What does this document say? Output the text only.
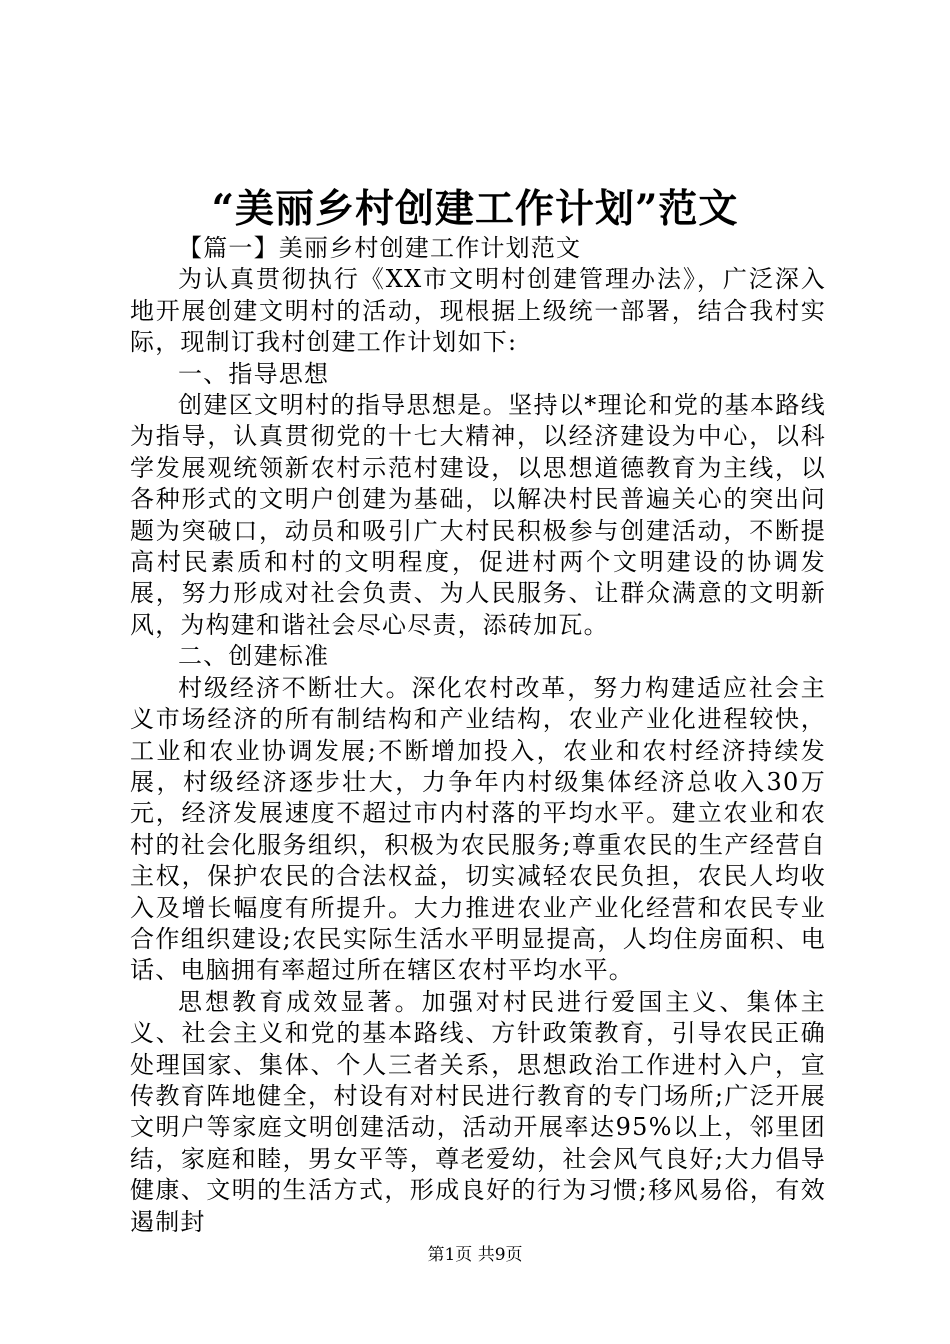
“美丽乡村创建工作计划”范文

【篇一】美丽乡村创建工作计划范文

为认真贯彻执行《XX市文明村创建管理办法》，广泛深入地开展创建文明村的活动，现根据上级统一部署，结合我村实际，现制订我村创建工作计划如下:

一、指导思想

创建区文明村的指导思想是。坚持以*理论和党的基本路线为指导，认真贯彻党的十七大精神，以经济建设为中心，以科学发展观统领新农村示范村建设，以思想道德教育为主线，以各种形式的文明户创建为基础，以解决村民普遍关心的突出问题为突破口，动员和吸引广大村民积极参与创建活动，不断提高村民素质和村的文明程度，促进村两个文明建设的协调发展，努力形成对社会负责、为人民服务、让群众满意的文明新风，为构建和谐社会尽心尽责，添砖加瓦。

二、创建标准

村级经济不断壮大。深化农村改革，努力构建适应社会主义市场经济的所有制结构和产业结构，农业产业化进程较快，工业和农业协调发展;不断增加投入，农业和农村经济持续发展，村级经济逐步壮大，力争年内村级集体经济总收入30万元，经济发展速度不超过市内村落的平均水平。建立农业和农村的社会化服务组织，积极为农民服务;尊重农民的生产经营自主权，保护农民的合法权益，切实减轻农民负担，农民人均收入及增长幅度有所提升。大力推进农业产业化经营和农民专业合作组织建设;农民实际生活水平明显提高，人均住房面积、电话、电脑拥有率超过所在辖区农村平均水平。

思想教育成效显著。加强对村民进行爱国主义、集体主义、社会主义和党的基本路线、方针政策教育，引导农民正确处理国家、集体、个人三者关系，思想政治工作进村入户，宣传教育阵地健全，村设有对村民进行教育的专门场所;广泛开展文明户等家庭文明创建活动，活动开展率达95%以上，邻里团结，家庭和睦，男女平等，尊老爱幼，社会风气良好;大力倡导健康、文明的生活方式，形成良好的行为习惯;移风易俗，有效遏制封

第1页 共9页
